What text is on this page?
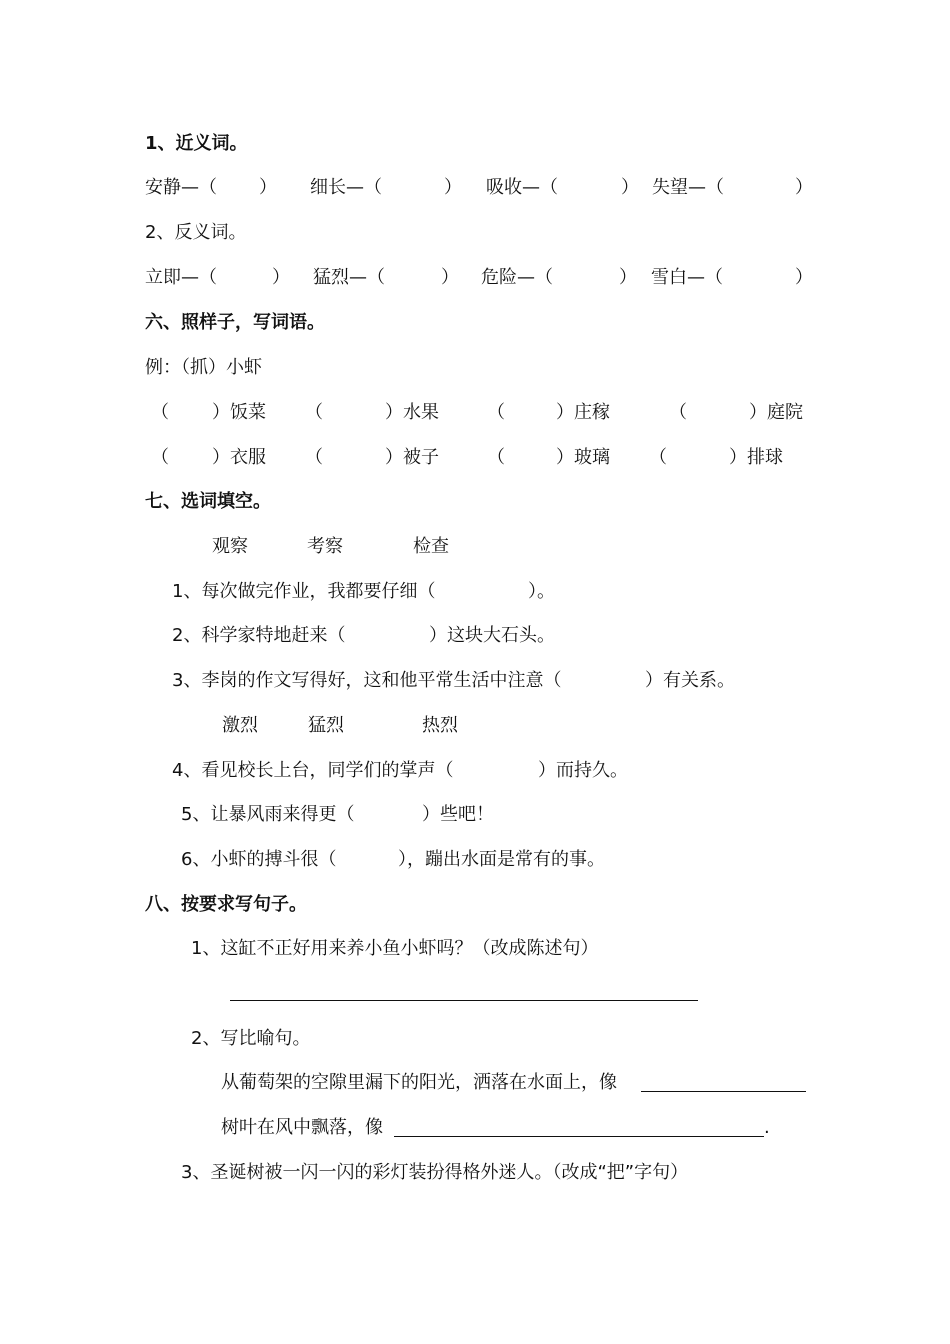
1、近义词。
安静—（ ） 细长—（	） 吸收—（	） 失望—（	）
2、反义词。
立即—（	） 猛烈—（	） 危险—（	） 雪白—（	）
六、照样子，写词语。
例：（抓）小虾
（ ）饭菜 （	）水果	（	）庄稼	（	）庭院
（ ）衣服 （	）被子	（	）玻璃 （	）排球
七、选词填空。
观察	考察	检查
1、每次做完作业，我都要仔细（	）。
2、科学家特地赶来（	）这块大石头。
3、李岗的作文写得好，这和他平常生活中注意（	）有关系。
激烈	猛烈	热烈
4、看见校长上台，同学们的掌声（	）而持久。
5、让暴风雨来得更（	）些吧！
6、小虾的搏斗很（	），蹦出水面是常有的事。
八、按要求写句子。
1、这缸不正好用来养小鱼小虾吗？（改成陈述句）
2、写比喻句。
从葡萄架的空隙里漏下的阳光，洒落在水面上，像
树叶在风中飘落，像	.
3、圣诞树被一闪一闪的彩灯装扮得格外迷人。（改成“把”字句）
